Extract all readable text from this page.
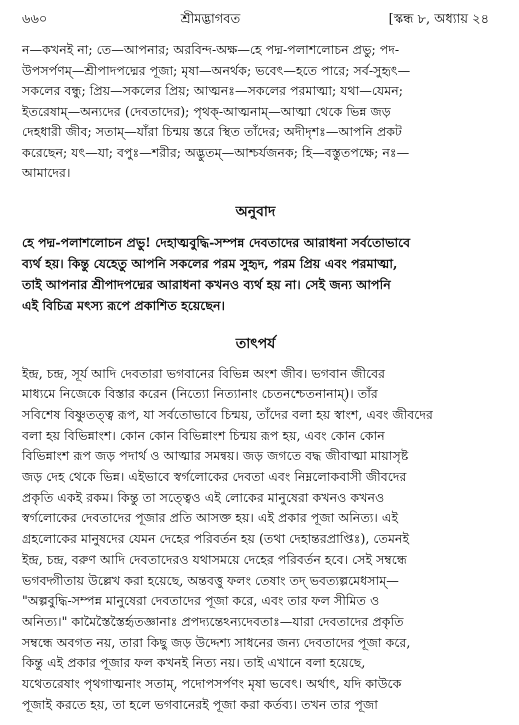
৬৬০	শ্রীমদ্ভাগবত	[স্কন্ধ ৮, অধ্যায় ২৪

ন—কখনই না; তে—আপনার; অরবিন্দ-অক্ষ—হে পদ্ম-পলাশলোচন প্রভু; পদ-

উপসর্পণম্—শ্রীপাদপদ্মের পূজা; মৃষা—অনর্থক; ভবেৎ—হতে পারে; সর্ব-সুহৃৎ—

সকলের বন্ধু; প্রিয়—সকলের প্রিয়; আত্মনঃ—সকলের পরমাত্মা; যথা—যেমন;

ইতরেষাম্—অন্যদের (দেবতাদের); পৃথক্-আত্মনাম্—আত্মা থেকে ভিন্ন জড়

দেহধারী জীব; সতাম্—যাঁরা চিন্ময় স্তরে স্থিত তাঁদের; অদীদৃশঃ—আপনি প্রকট

করেছেন; যৎ—যা; বপুঃ—শরীর; অদ্ভুতম্—আশ্চর্যজনক; হি—বস্তুতপক্ষে; নঃ—

আমাদের।

অনুবাদ

হে পদ্ম-পলাশলোচন প্রভু! দেহাত্মবুদ্ধি-সম্পন্ন দেবতাদের আরাধনা সর্বতোভাবে

ব্যর্থ হয়। কিন্তু যেহেতু আপনি সকলের পরম সুহৃদ, পরম প্রিয় এবং পরমাত্মা,

তাই আপনার শ্রীপাদপদ্মের আরাধনা কখনও ব্যর্থ হয় না। সেই জন্য আপনি

এই বিচিত্র মৎস্য রূপে প্রকাশিত হয়েছেন।

তাৎপর্য

ইন্দ্র, চন্দ্র, সূর্য আদি দেবতারা ভগবানের বিভিন্ন অংশ জীব। ভগবান জীবের

মাধ্যমে নিজেকে বিস্তার করেন (নিত্যো নিত্যানাং চেতনশ্চেতনানাম্)। তাঁর

সবিশেষ বিষ্ণুতত্ত্ব রূপ, যা সর্বতোভাবে চিন্ময়, তাঁদের বলা হয় স্বাংশ, এবং জীবদের

বলা হয় বিভিন্নাংশ। কোন কোন বিভিন্নাংশ চিন্ময় রূপ হয়, এবং কোন কোন

বিভিন্নাংশ রূপ জড় পদার্থ ও আত্মার সমন্বয়। জড় জগতে বদ্ধ জীবাত্মা মায়াসৃষ্ট

জড় দেহ থেকে ভিন্ন। এইভাবে স্বর্গলোকের দেবতা এবং নিম্নলোকবাসী জীবদের

প্রকৃতি একই রকম। কিন্তু তা সত্ত্বেও এই লোকের মানুষেরা কখনও কখনও

স্বর্গলোকের দেবতাদের পূজার প্রতি আসক্ত হয়। এই প্রকার পূজা অনিত্য। এই

গ্রহলোকের মানুষদের যেমন দেহের পরিবর্তন হয় (তথা দেহান্তরপ্রাপ্তিঃ), তেমনই

ইন্দ্র, চন্দ্র, বরুণ আদি দেবতাদেরও যথাসময়ে দেহের পরিবর্তন হবে। সেই সম্বন্ধে

ভগবদ্গীতায় উল্লেখ করা হয়েছে, অন্তবত্তু ফলং তেষাং তদ্ ভবত্যল্পমেধসাম্—

"অল্পবুদ্ধি-সম্পন্ন মানুষেরা দেবতাদের পূজা করে, এবং তার ফল সীমিত ও

অনিত্য।" কামৈস্তৈস্তৈর্হৃতজ্ঞানাঃ প্রপদ্যন্তেঽন্যদেবতাঃ—যারা দেবতাদের প্রকৃতি

সম্বন্ধে অবগত নয়, তারা কিছু জড় উদ্দেশ্য সাধনের জন্য দেবতাদের পূজা করে,

কিন্তু এই প্রকার পূজার ফল কখনই নিত্য নয়। তাই এখানে বলা হয়েছে,

যথেতরেষাং পৃথগাত্মনাং সতাম্, পদোপসর্পণং মৃষা ভবেৎ। অর্থাৎ, যদি কাউকে

পূজাই করতে হয়, তা হলে ভগবানেরই পূজা করা কর্তব্য। তখন তার পূজা
